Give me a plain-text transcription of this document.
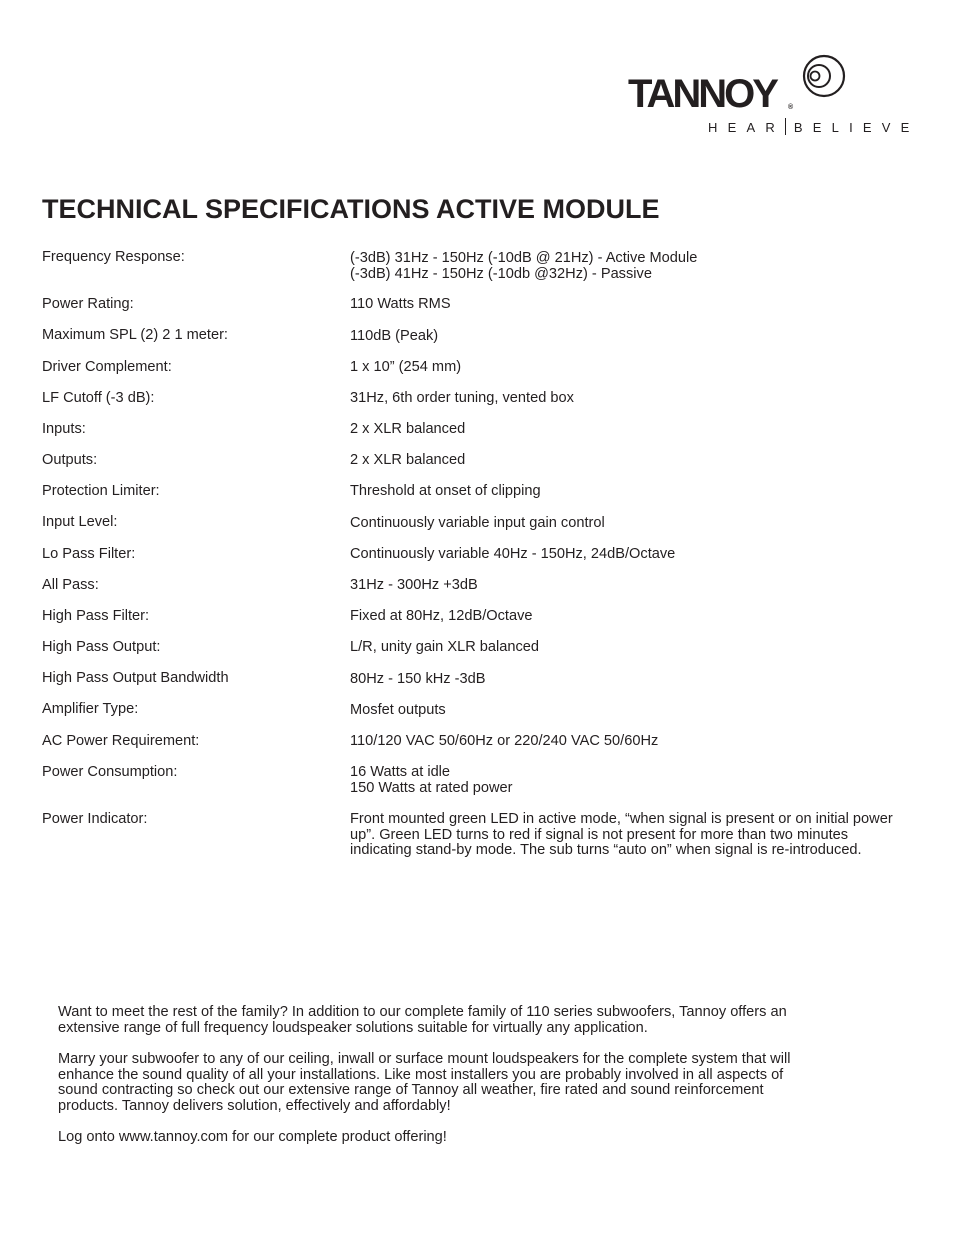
TANNOY ®
HEAR BELIEVE
TECHNICAL SPECIFICATIONS ACTIVE MODULE
Frequency Response:	(-3dB) 31Hz - 150Hz (-10dB @ 21Hz) - Active Module
(-3dB) 41Hz - 150Hz (-10db @32Hz) - Passive
Power Rating:	110 Watts RMS
Maximum SPL (2) 2 1 meter:	110dB (Peak)
Driver Complement:	1 x 10” (254 mm)
LF Cutoff (-3 dB):	31Hz, 6th order tuning, vented box
Inputs:	2 x XLR balanced
Outputs:	2 x XLR balanced
Protection Limiter:	Threshold at onset of clipping
Input Level:	Continuously variable input gain control
Lo Pass Filter:	Continuously variable 40Hz - 150Hz, 24dB/Octave
All Pass:	31Hz - 300Hz +3dB
High Pass Filter:	Fixed at 80Hz, 12dB/Octave
High Pass Output:	L/R, unity gain XLR balanced
High Pass Output Bandwidth	80Hz - 150 kHz -3dB
Amplifier Type:	Mosfet outputs
AC Power Requirement:	110/120 VAC 50/60Hz or 220/240 VAC 50/60Hz
Power Consumption:	16 Watts at idle
150 Watts at rated power
Power Indicator:	Front mounted green LED in active mode, “when signal is present or on initial power
up”. Green LED turns to red if signal is not present for more than two minutes
indicating stand-by mode. The sub turns “auto on” when signal is re-introduced.

Want to meet the rest of the family? In addition to our complete family of 110 series subwoofers, Tannoy offers an
extensive range of full frequency loudspeaker solutions suitable for virtually any application.

Marry your subwoofer to any of our ceiling, inwall or surface mount loudspeakers for the complete system that will
enhance the sound quality of all your installations. Like most installers you are probably involved in all aspects of
sound contracting so check out our extensive range of Tannoy all weather, fire rated and sound reinforcement
products. Tannoy delivers solution, effectively and affordably!

Log onto www.tannoy.com for our complete product offering!
